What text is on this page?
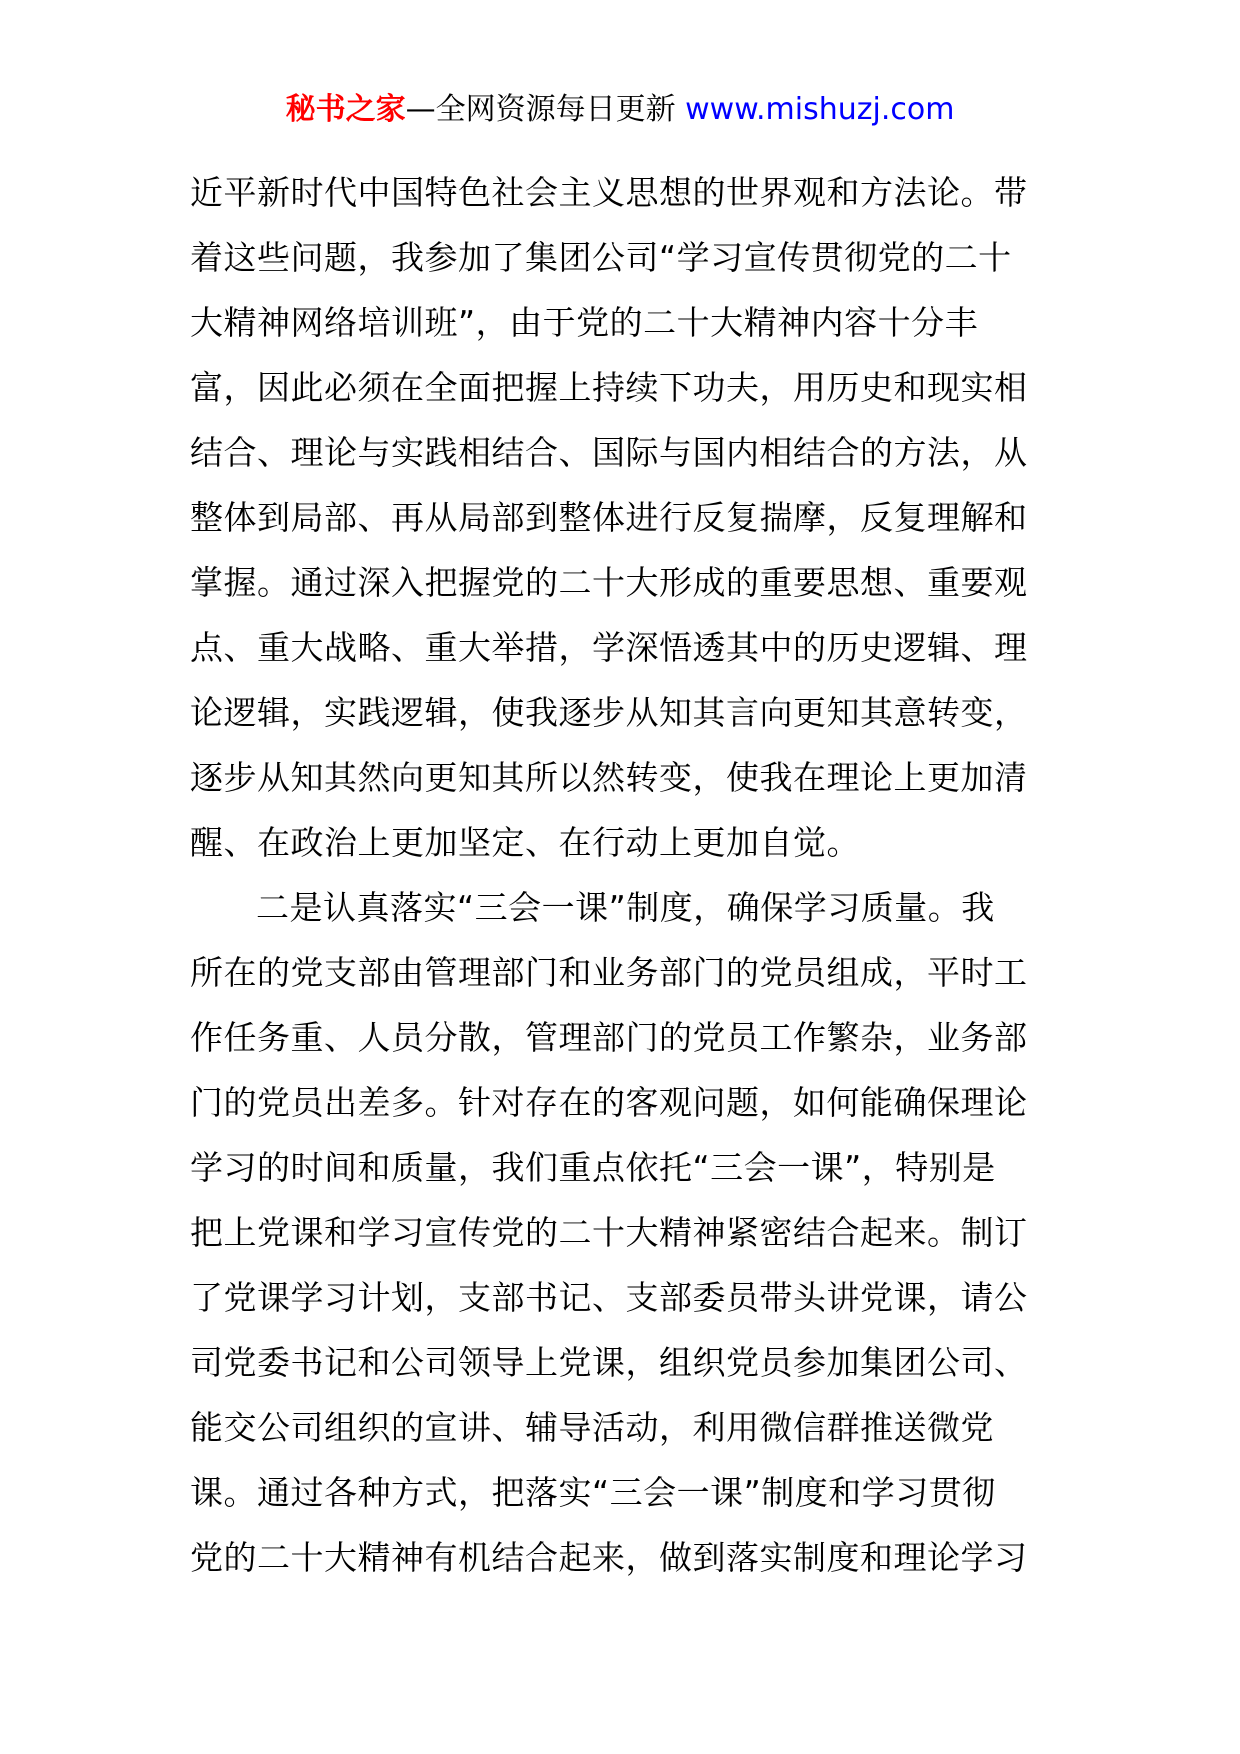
秘书之家—全网资源每日更新 www.mishuzj.com
近平新时代中国特色社会主义思想的世界观和方法论。带
着这些问题，我参加了集团公司“学习宣传贯彻党的二十
大精神网络培训班”，由于党的二十大精神内容十分丰
富，因此必须在全面把握上持续下功夫，用历史和现实相
结合、理论与实践相结合、国际与国内相结合的方法，从
整体到局部、再从局部到整体进行反复揣摩，反复理解和
掌握。通过深入把握党的二十大形成的重要思想、重要观
点、重大战略、重大举措，学深悟透其中的历史逻辑、理
论逻辑，实践逻辑，使我逐步从知其言向更知其意转变，
逐步从知其然向更知其所以然转变，使我在理论上更加清
醒、在政治上更加坚定、在行动上更加自觉。
二是认真落实“三会一课”制度，确保学习质量。我
所在的党支部由管理部门和业务部门的党员组成，平时工
作任务重、人员分散，管理部门的党员工作繁杂，业务部
门的党员出差多。针对存在的客观问题，如何能确保理论
学习的时间和质量，我们重点依托“三会一课”，特别是
把上党课和学习宣传党的二十大精神紧密结合起来。制订
了党课学习计划，支部书记、支部委员带头讲党课，请公
司党委书记和公司领导上党课，组织党员参加集团公司、
能交公司组织的宣讲、辅导活动，利用微信群推送微党
课。通过各种方式，把落实“三会一课”制度和学习贯彻
党的二十大精神有机结合起来，做到落实制度和理论学习
